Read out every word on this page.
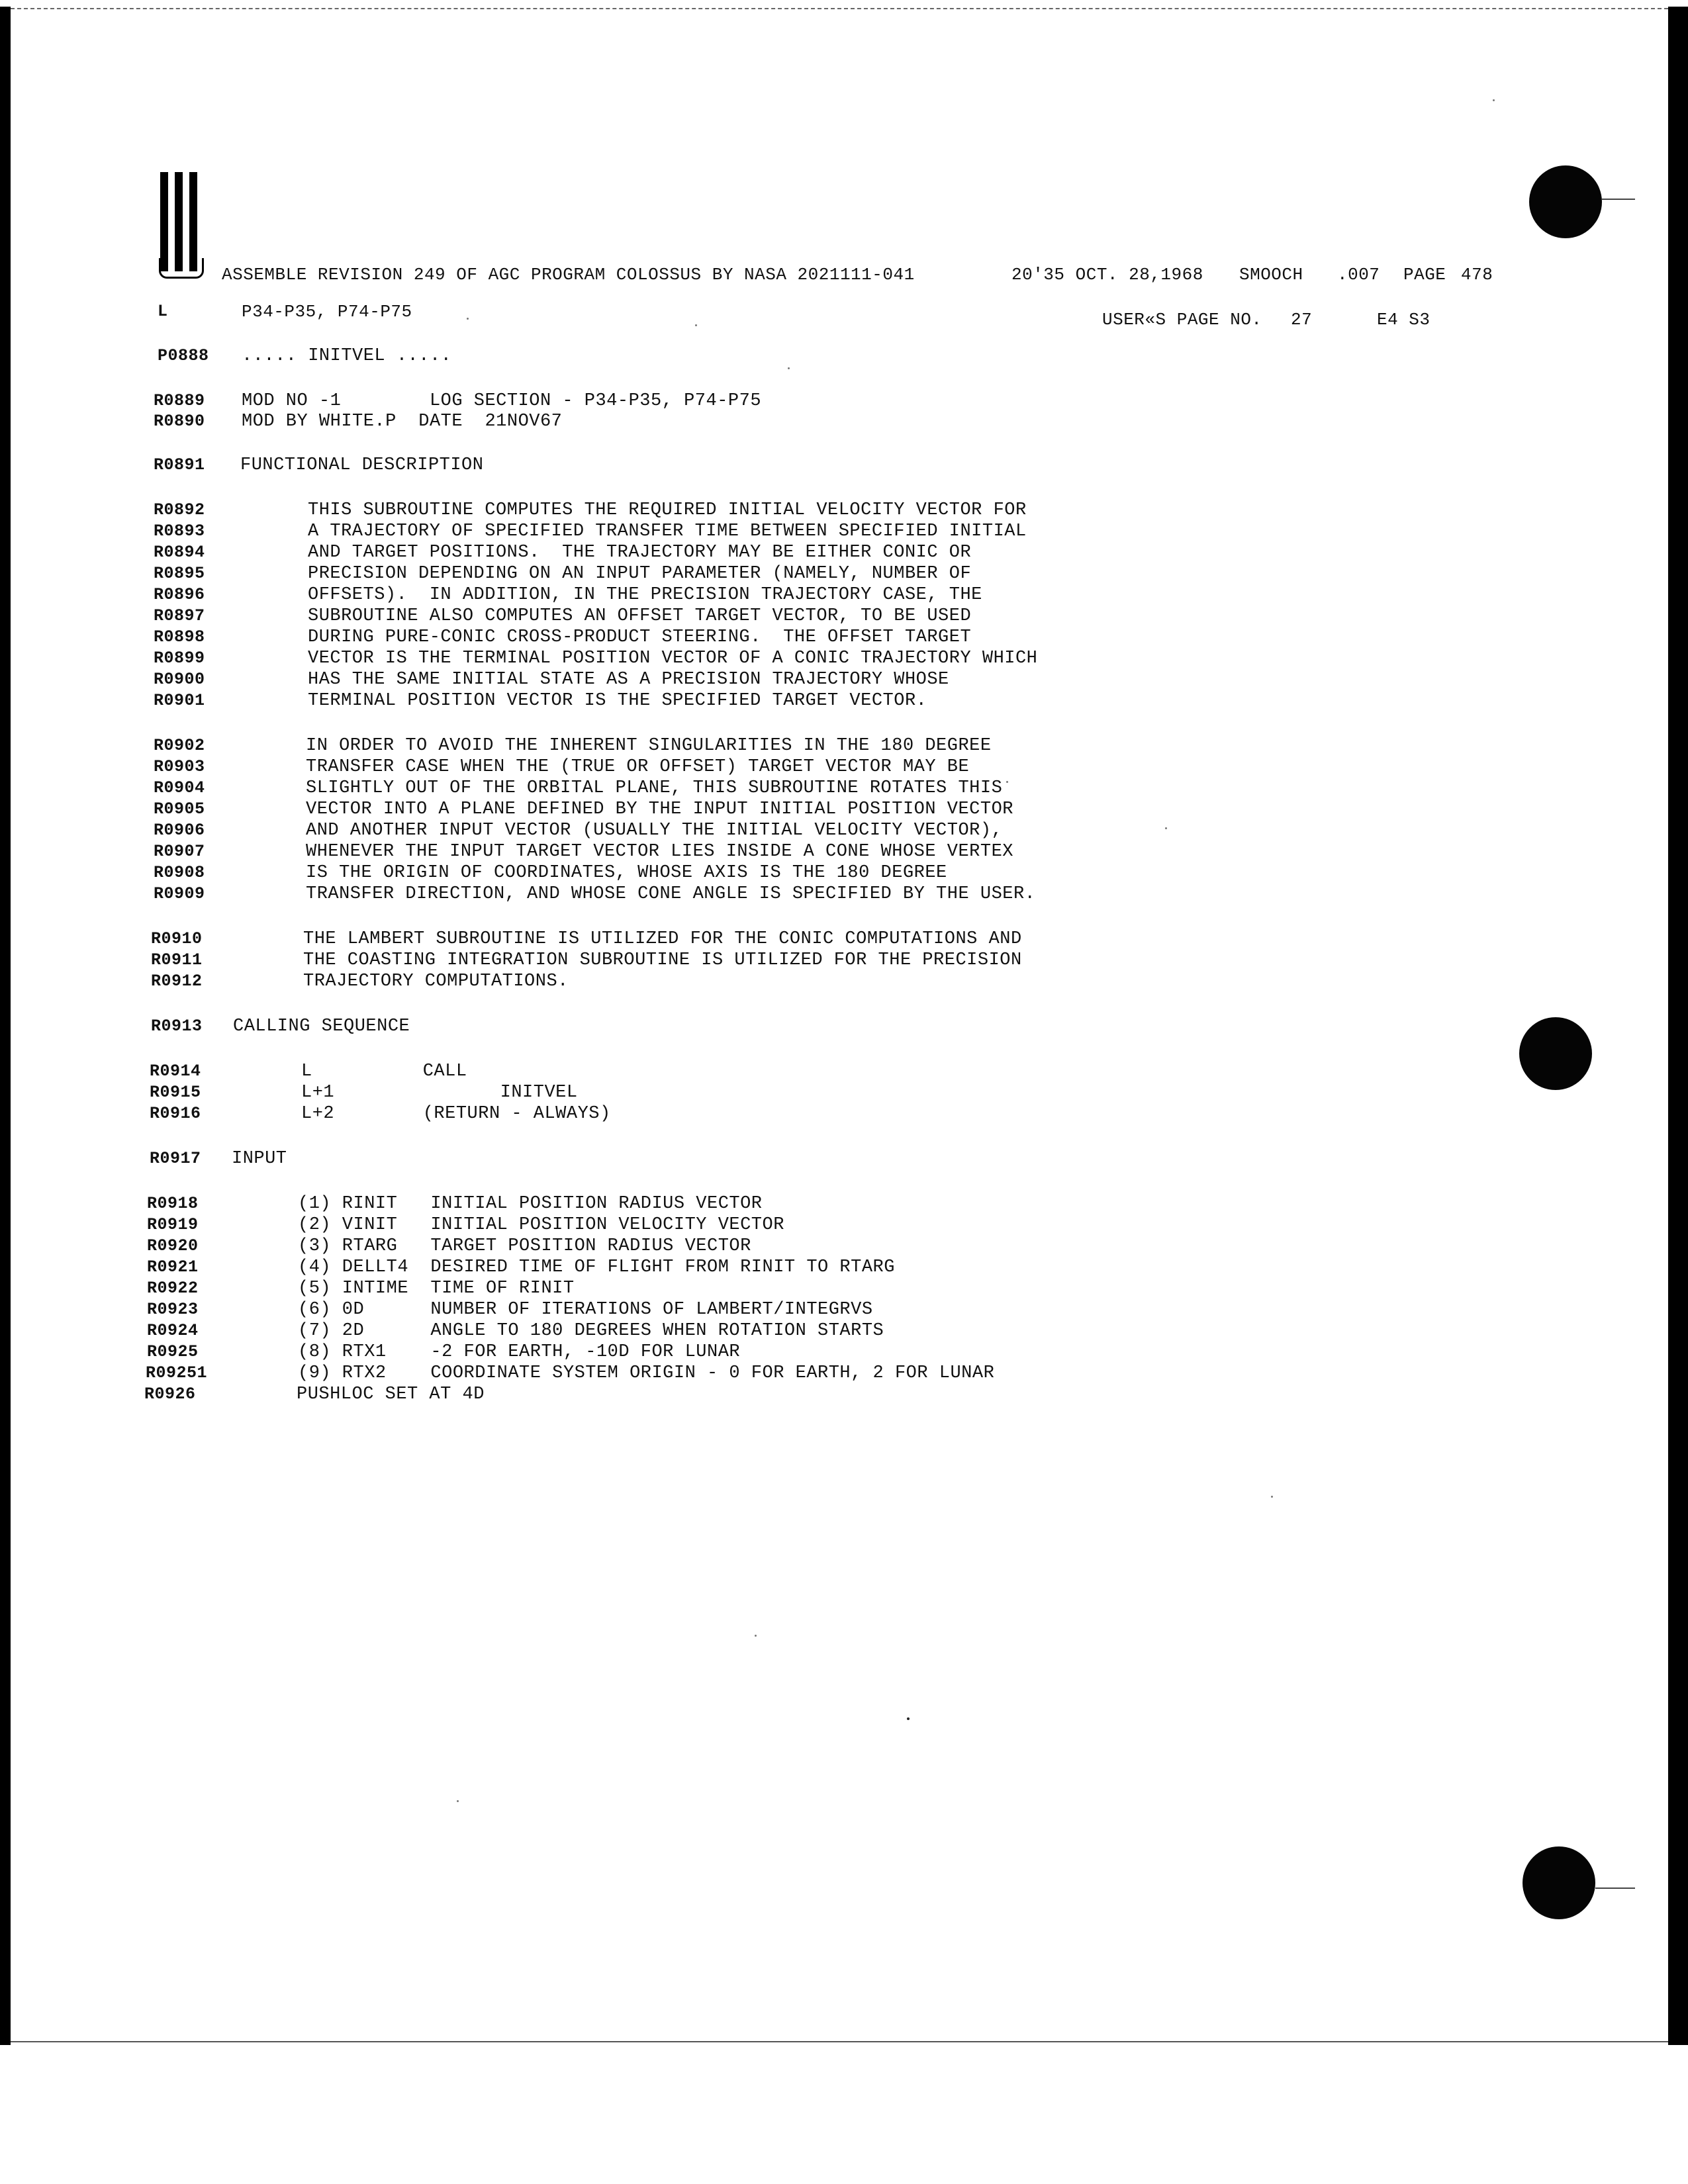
ASSEMBLE REVISION 249 OF AGC PROGRAM COLOSSUS BY NASA 2021111-041	20'35 OCT. 28,1968 SMOOCH .007 PAGE 478
L	P34-P35, P74-P75	USER«S PAGE NO. 27	E4 S3
P0888 ..... INITVEL .....
R0889 MOD NO -1        LOG SECTION - P34-P35, P74-P75
R0890 MOD BY WHITE.P  DATE  21NOV67
R0891 FUNCTIONAL DESCRIPTION
R0892	THIS SUBROUTINE COMPUTES THE REQUIRED INITIAL VELOCITY VECTOR FOR
R0893	A TRAJECTORY OF SPECIFIED TRANSFER TIME BETWEEN SPECIFIED INITIAL
R0894	AND TARGET POSITIONS.  THE TRAJECTORY MAY BE EITHER CONIC OR
R0895	PRECISION DEPENDING ON AN INPUT PARAMETER (NAMELY, NUMBER OF
R0896	OFFSETS).  IN ADDITION, IN THE PRECISION TRAJECTORY CASE, THE
R0897	SUBROUTINE ALSO COMPUTES AN OFFSET TARGET VECTOR, TO BE USED
R0898	DURING PURE-CONIC CROSS-PRODUCT STEERING.  THE OFFSET TARGET
R0899	VECTOR IS THE TERMINAL POSITION VECTOR OF A CONIC TRAJECTORY WHICH
R0900	HAS THE SAME INITIAL STATE AS A PRECISION TRAJECTORY WHOSE
R0901	TERMINAL POSITION VECTOR IS THE SPECIFIED TARGET VECTOR.
R0902	IN ORDER TO AVOID THE INHERENT SINGULARITIES IN THE 180 DEGREE
R0903	TRANSFER CASE WHEN THE (TRUE OR OFFSET) TARGET VECTOR MAY BE
R0904	SLIGHTLY OUT OF THE ORBITAL PLANE, THIS SUBROUTINE ROTATES THIS
R0905	VECTOR INTO A PLANE DEFINED BY THE INPUT INITIAL POSITION VECTOR
R0906	AND ANOTHER INPUT VECTOR (USUALLY THE INITIAL VELOCITY VECTOR),
R0907	WHENEVER THE INPUT TARGET VECTOR LIES INSIDE A CONE WHOSE VERTEX
R0908	IS THE ORIGIN OF COORDINATES, WHOSE AXIS IS THE 180 DEGREE
R0909	TRANSFER DIRECTION, AND WHOSE CONE ANGLE IS SPECIFIED BY THE USER.
R0910	THE LAMBERT SUBROUTINE IS UTILIZED FOR THE CONIC COMPUTATIONS AND
R0911	THE COASTING INTEGRATION SUBROUTINE IS UTILIZED FOR THE PRECISION
R0912	TRAJECTORY COMPUTATIONS.
R0913 CALLING SEQUENCE
R0914	L          CALL
R0915	L+1               INITVEL
R0916	L+2        (RETURN - ALWAYS)
R0917 INPUT
R0918	(1) RINIT   INITIAL POSITION RADIUS VECTOR
R0919	(2) VINIT   INITIAL POSITION VELOCITY VECTOR
R0920	(3) RTARG   TARGET POSITION RADIUS VECTOR
R0921	(4) DELLT4  DESIRED TIME OF FLIGHT FROM RINIT TO RTARG
R0922	(5) INTIME  TIME OF RINIT
R0923	(6) 0D      NUMBER OF ITERATIONS OF LAMBERT/INTEGRVS
R0924	(7) 2D      ANGLE TO 180 DEGREES WHEN ROTATION STARTS
R0925	(8) RTX1    -2 FOR EARTH, -10D FOR LUNAR
R09251	(9) RTX2    COORDINATE SYSTEM ORIGIN - 0 FOR EARTH, 2 FOR LUNAR
R0926	PUSHLOC SET AT 4D
